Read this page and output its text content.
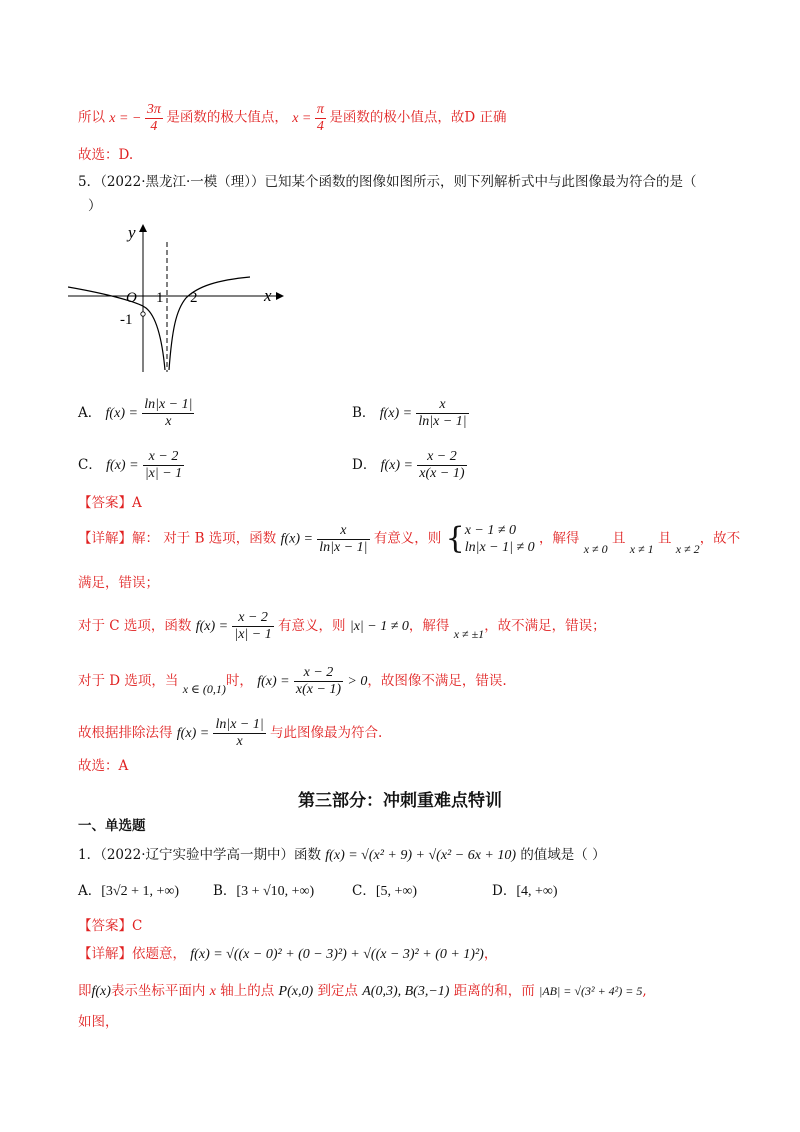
所以 x = − $\frac{3\pi}{4}$ 是函数的极大值点， $x = \frac{\pi}{4}$ 是函数的极小值点，故D 正确
故选：D.
5．（2022·黑龙江·一模（理））已知某个函数的图像如图所示，则下列解析式中与此图像最为符合的是（
）
y
x
O 1 2
-1
A． $f(x) = \frac{\ln|x - 1|}{x}$	B． $f(x) = \frac{x}{\ln|x - 1|}$
C． $f(x) = \frac{x - 2}{|x| - 1}$	D． $f(x) = \frac{x - 2}{x(x - 1)}$
【答案】A
【详解】解： 对于 B 选项，函数 $f(x) = \frac{x}{\ln|x - 1|}$ 有意义，则 { x − 1 ≠ 0
ln|x − 1| ≠ 0
，解得 x ≠ 0 且 x ≠ 1 且 x ≠ 2，故不
满足，错误；
对于 C 选项，函数 $f(x) = \frac{x - 2}{|x| - 1}$ 有意义，则 |x| − 1 ≠ 0，解得 x ≠ ±1，故不满足，错误；
对于 D 选项，当 x ∈ (0,1)时， $f(x) = \frac{x - 2}{x(x - 1)} > 0$，故图像不满足，错误.
故根据排除法得 $f(x) = \frac{\ln|x - 1|}{x}$ 与此图像最为符合.
故选：A
第三部分：冲刺重难点特训
一、单选题
1．（2022·辽宁实验中学高一期中）函数 f(x) = √(x² + 9) + √(x² − 6x + 10) 的值域是（ ）
A．[3√2 + 1, +∞)	B．[3 + √10, +∞)	C．[5, +∞)	D．[4, +∞)
【答案】C
【详解】依题意， f(x) = √((x − 0)² + (0 − 3)²) + √((x − 3)² + (0 + 1)²)，
即f(x)表示坐标平面内 x 轴上的点 P(x,0) 到定点 A(0,3), B(3,−1) 距离的和，而 |AB| = √(3² + 4²) = 5,
如图，
